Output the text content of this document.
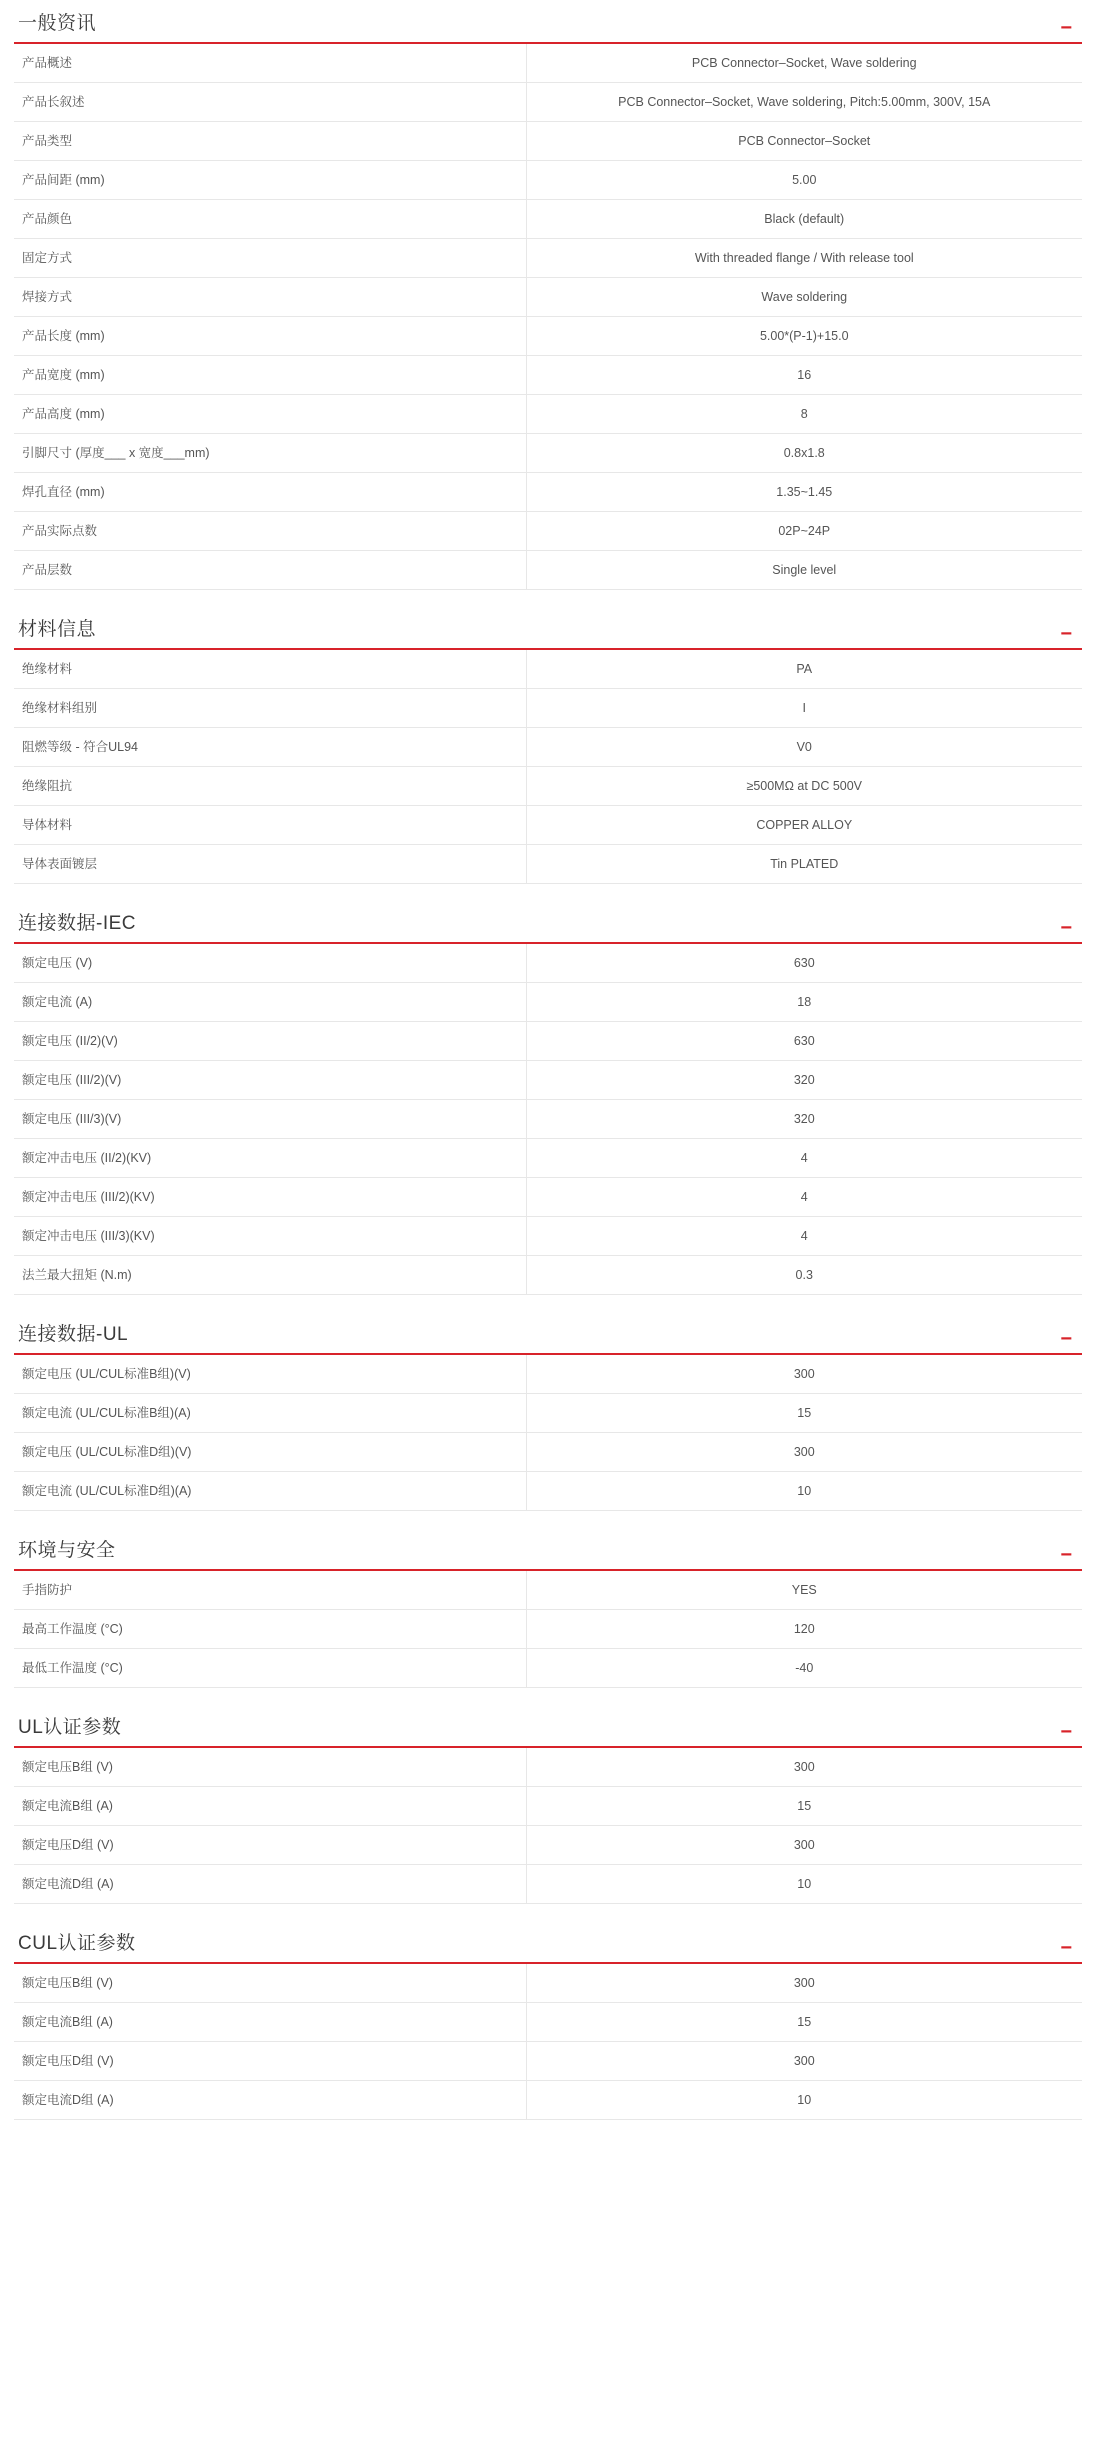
一般资讯	−
产品概述	PCB Connector–Socket, Wave soldering
产品长叙述	PCB Connector–Socket, Wave soldering, Pitch:5.00mm, 300V, 15A
产品类型	PCB Connector–Socket
产品间距 (mm)	5.00
产品颜色	Black (default)
固定方式	With threaded flange / With release tool
焊接方式	Wave soldering
产品长度 (mm)	5.00*(P-1)+15.0
产品宽度 (mm)	16
产品高度 (mm)	8
引脚尺寸 (厚度___ x 宽度___mm)	0.8x1.8
焊孔直径 (mm)	1.35~1.45
产品实际点数	02P~24P
产品层数	Single level
材料信息	−
绝缘材料	PA
绝缘材料组别	I
阻燃等级 - 符合UL94	V0
绝缘阻抗	≥500MΩ at DC 500V
导体材料	COPPER ALLOY
导体表面镀层	Tin PLATED
连接数据-IEC	−
额定电压 (V)	630
额定电流 (A)	18
额定电压 (II/2)(V)	630
额定电压 (III/2)(V)	320
额定电压 (III/3)(V)	320
额定冲击电压 (II/2)(KV)	4
额定冲击电压 (III/2)(KV)	4
额定冲击电压 (III/3)(KV)	4
法兰最大扭矩 (N.m)	0.3
连接数据-UL	−
额定电压 (UL/CUL标准B组)(V)	300
额定电流 (UL/CUL标准B组)(A)	15
额定电压 (UL/CUL标准D组)(V)	300
额定电流 (UL/CUL标准D组)(A)	10
环境与安全	−
手指防护	YES
最高工作温度 (°C)	120
最低工作温度 (°C)	-40
UL认证参数	−
额定电压B组 (V)	300
额定电流B组 (A)	15
额定电压D组 (V)	300
额定电流D组 (A)	10
CUL认证参数	−
额定电压B组 (V)	300
额定电流B组 (A)	15
额定电压D组 (V)	300
额定电流D组 (A)	10
